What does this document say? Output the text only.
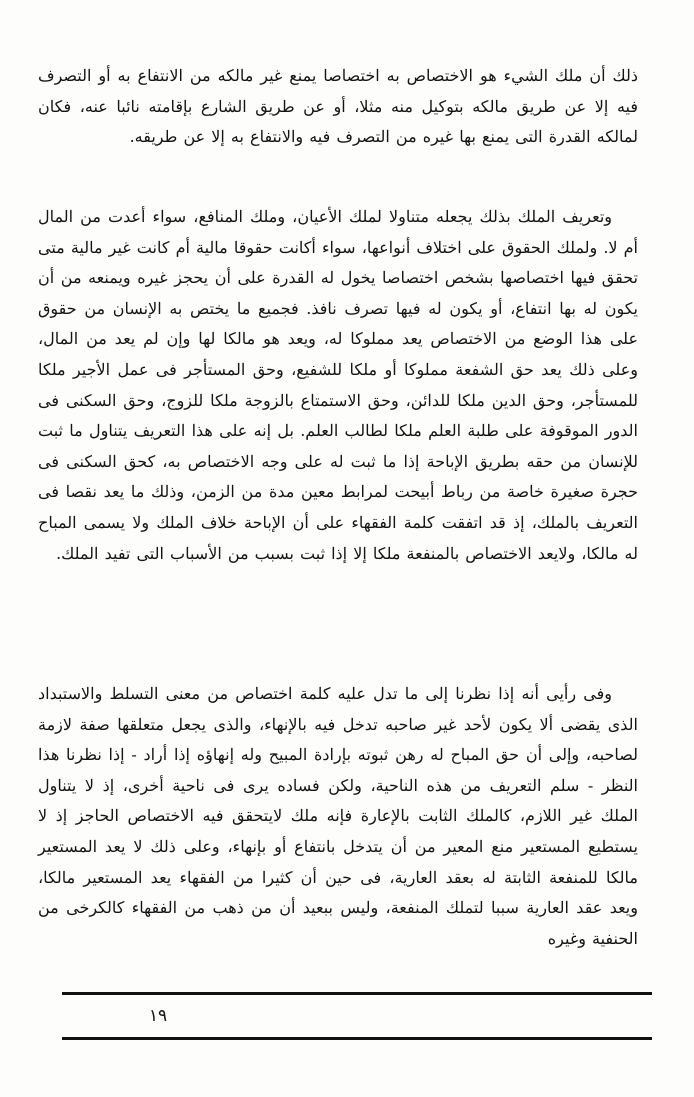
ذلك أن ملك الشيء هو الاختصاص به اختصاصا يمنع غير مالكه من الانتفاع به أو التصرف فيه إلا عن طريق مالكه بتوكيل منه مثلا، أو عن طريق الشارع بإقامته نائبا عنه، فكان لمالكه القدرة التى يمنع بها غيره من التصرف فيه والانتفاع به إلا عن طريقه.

وتعريف الملك بذلك يجعله متناولا لملك الأعيان، وملك المنافع، سواء أعدت من المال أم لا. ولملك الحقوق على اختلاف أنواعها، سواء أكانت حقوقا مالية أم كانت غير مالية متى تحقق فيها اختصاصها بشخص اختصاصا يخول له القدرة على أن يحجز غيره ويمنعه من أن يكون له بها انتفاع، أو يكون له فيها تصرف نافذ. فجميع ما يختص به الإنسان من حقوق على هذا الوضع من الاختصاص يعد مملوكا له، ويعد هو مالكا لها وإن لم يعد من المال، وعلى ذلك يعد حق الشفعة مملوكا أو ملكا للشفيع، وحق المستأجر فى عمل الأجير ملكا للمستأجر، وحق الدين ملكا للدائن، وحق الاستمتاع بالزوجة ملكا للزوج، وحق السكنى فى الدور الموقوفة على طلبة العلم ملكا لطالب العلم. بل إنه على هذا التعريف يتناول ما ثبت للإنسان من حقه بطريق الإباحة إذا ما ثبت له على وجه الاختصاص به، كحق السكنى فى حجرة صغيرة خاصة من رباط أبيحت لمرابط معين مدة من الزمن، وذلك ما يعد نقصا فى التعريف بالملك، إذ قد اتفقت كلمة الفقهاء على أن الإباحة خلاف الملك ولا يسمى المباح له مالكا، ولايعد الاختصاص بالمنفعة ملكا إلا إذا ثبت بسبب من الأسباب التى تفيد الملك.

وفى رأيى أنه إذا نظرنا إلى ما تدل عليه كلمة اختصاص من معنى التسلط والاستبداد الذى يقضى ألا يكون لأحد غير صاحبه تدخل فيه بالإنهاء، والذى يجعل متعلقها صفة لازمة لصاحبه، وإلى أن حق المباح له رهن ثبوته بإرادة المبيح وله إنهاؤه إذا أراد - إذا نظرنا هذا النظر - سلم التعريف من هذه الناحية، ولكن فساده يرى فى ناحية أخرى، إذ لا يتناول الملك غير اللازم، كالملك الثابت بالإعارة فإنه ملك لايتحقق فيه الاختصاص الحاجز إذ لا يستطيع المستعير منع المعير من أن يتدخل بانتفاع أو بإنهاء، وعلى ذلك لا يعد المستعير مالكا للمنفعة الثابتة له بعقد العارية، فى حين أن كثيرا من الفقهاء يعد المستعير مالكا، ويعد عقد العارية سببا لتملك المنفعة، وليس ببعيد أن من ذهب من الفقهاء كالكرخى من الحنفية وغيره

١٩
